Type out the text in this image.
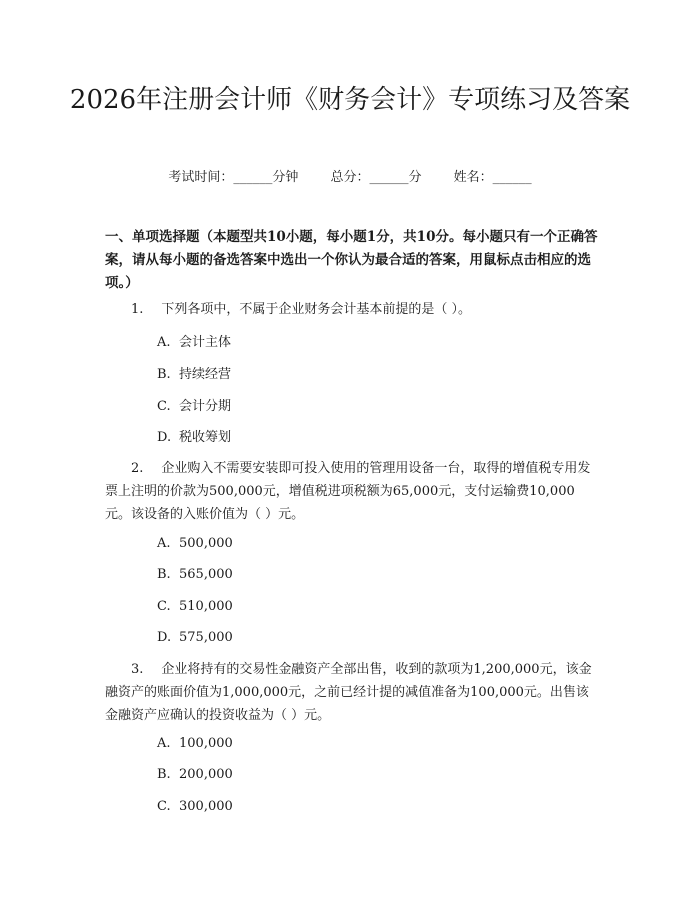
2026年注册会计师《财务会计》专项练习及答案
考试时间：______分钟 总分：______分 姓名：______

一、单项选择题（本题型共10小题，每小题1分，共10分。每小题只有一个正确答案，请从每小题的备选答案中选出一个你认为最合适的答案，用鼠标点击相应的选项。）

1. 下列各项中，不属于企业财务会计基本前提的是（ ）。

A. 会计主体
B. 持续经营
C. 会计分期
D. 税收筹划

2. 企业购入不需要安装即可投入使用的管理用设备一台，取得的增值税专用发票上注明的价款为500,000元，增值税进项税额为65,000元，支付运输费10,000元。该设备的入账价值为（ ）元。

A. 500,000
B. 565,000
C. 510,000
D. 575,000

3. 企业将持有的交易性金融资产全部出售，收到的款项为1,200,000元，该金融资产的账面价值为1,000,000元，之前已经计提的减值准备为100,000元。出售该金融资产应确认的投资收益为（ ）元。

A. 100,000
B. 200,000
C. 300,000
